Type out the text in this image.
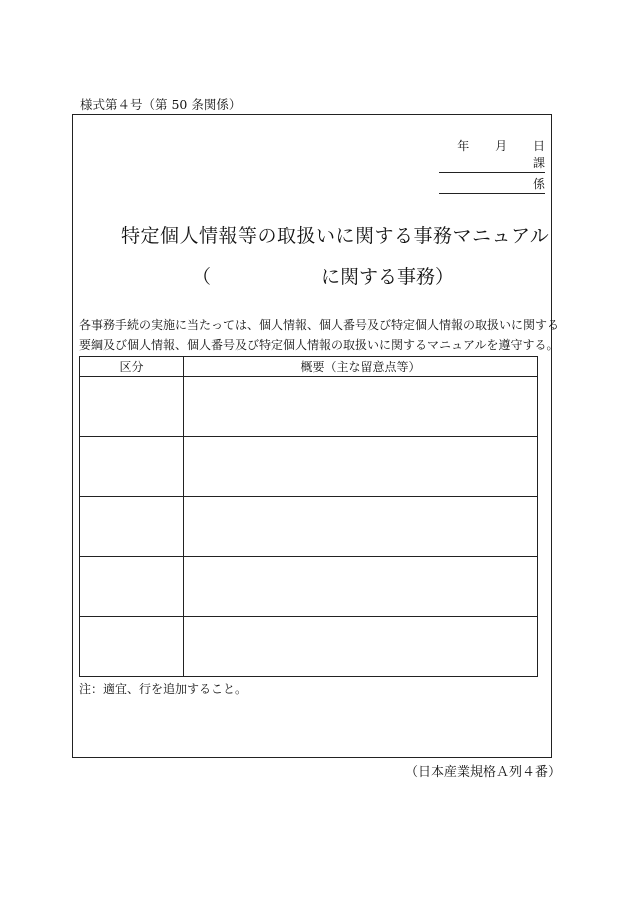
様式第４号（第 50 条関係）
年 月 日
課
係
特定個人情報等の取扱いに関する事務マニュアル
（	に関する事務）
各事務手続の実施に当たっては、個人情報、個人番号及び特定個人情報の取扱いに関する
要綱及び個人情報、個人番号及び特定個人情報の取扱いに関するマニュアルを遵守する。
区分	概要（主な留意点等）

注：適宜、行を追加すること。
（日本産業規格Ａ列４番）
